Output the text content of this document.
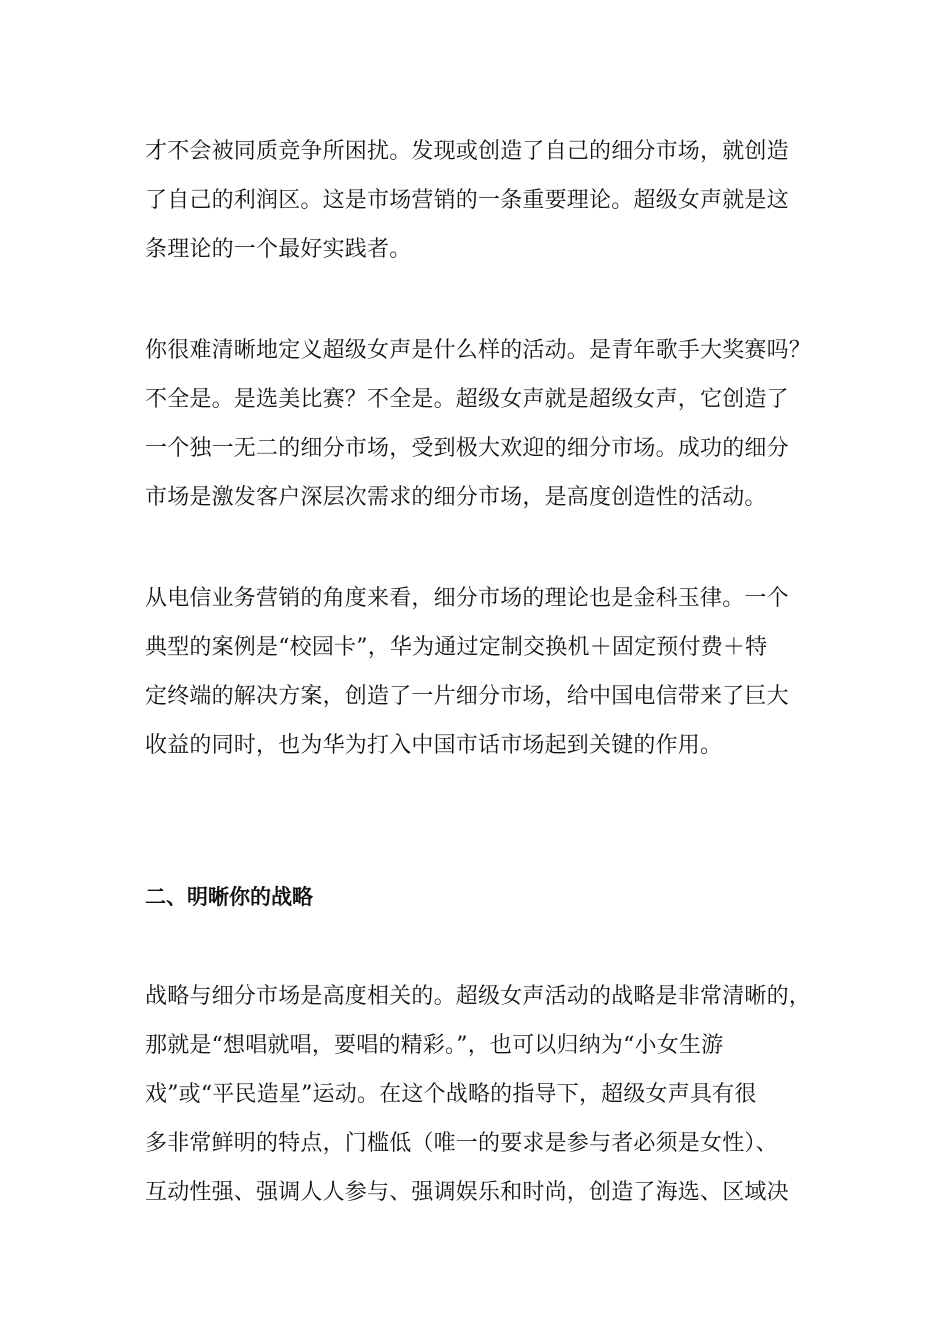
才不会被同质竞争所困扰。发现或创造了自己的细分市场，就创造
了自己的利润区。这是市场营销的一条重要理论。超级女声就是这
条理论的一个最好实践者。
你很难清晰地定义超级女声是什么样的活动。是青年歌手大奖赛吗？
不全是。是选美比赛？不全是。超级女声就是超级女声，它创造了
一个独一无二的细分市场，受到极大欢迎的细分市场。成功的细分
市场是激发客户深层次需求的细分市场，是高度创造性的活动。
从电信业务营销的角度来看，细分市场的理论也是金科玉律。一个
典型的案例是“校园卡”，华为通过定制交换机＋固定预付费＋特
定终端的解决方案，创造了一片细分市场，给中国电信带来了巨大
收益的同时，也为华为打入中国市话市场起到关键的作用。
二、明晰你的战略
战略与细分市场是高度相关的。超级女声活动的战略是非常清晰的，
那就是“想唱就唱，要唱的精彩。”，也可以归纳为“小女生游
戏”或“平民造星”运动。在这个战略的指导下，超级女声具有很
多非常鲜明的特点，门槛低（唯一的要求是参与者必须是女性）、
互动性强、强调人人参与、强调娱乐和时尚，创造了海选、区域决
